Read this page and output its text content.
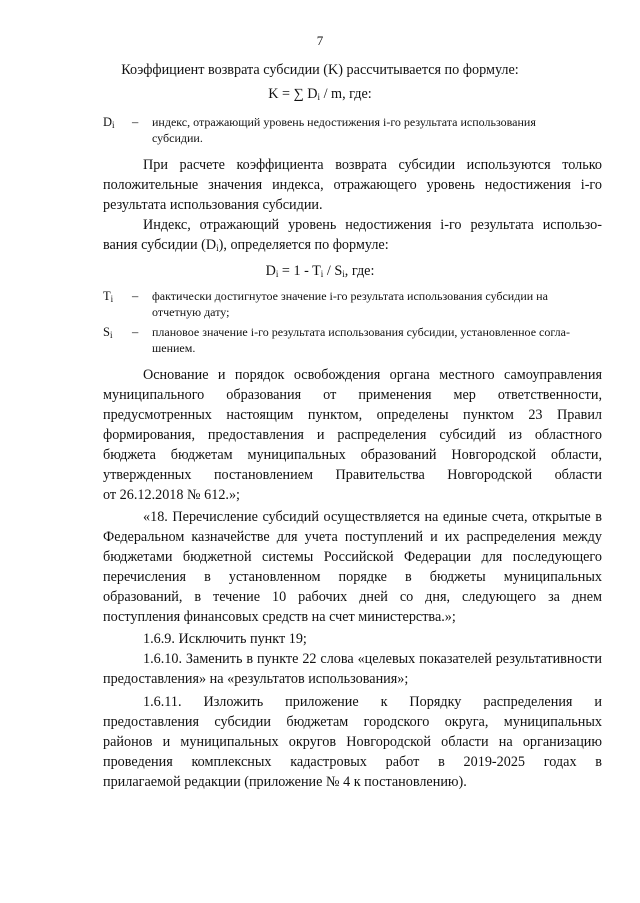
7
Коэффициент возврата субсидии (K) рассчитывается по формуле:
K = ∑ $D_i$ / m, где:
$D_i$ – индекс, отражающий уровень недостижения i-го результата использования
субсидии.
При расчете коэффициента возврата субсидии используются только
положительные значения индекса, отражающего уровень недостижения i-го
результата использования субсидии.
Индекс, отражающий уровень недостижения i-го результата использо-
вания субсидии $(D_i)$, определяется по формуле:
$D_i = 1 - T_i / S_i$, где:
$T_i$ – фактически достигнутое значение i-го результата использования субсидии на
отчетную дату;
$S_i$ – плановое значение i-го результата использования субсидии, установленное согла-
шением.
Основание и порядок освобождения органа местного самоуправления
муниципального образования от применения мер ответственности,
предусмотренных настоящим пунктом, определены пунктом 23 Правил
формирования, предоставления и распределения субсидий из областного
бюджета бюджетам муниципальных образований Новгородской области,
утвержденных постановлением Правительства Новгородской области
от 26.12.2018 № 612.»;
«18. Перечисление субсидий осуществляется на единые счета, открытые в
Федеральном казначействе для учета поступлений и их распределения между
бюджетами бюджетной системы Российской Федерации для последующего
перечисления в установленном порядке в бюджеты муниципальных
образований, в течение 10 рабочих дней со дня, следующего за днем
поступления финансовых средств на счет министерства.»;
1.6.9. Исключить пункт 19;
1.6.10. Заменить в пункте 22 слова «целевых показателей результативности
предоставления» на «результатов использования»;
1.6.11. Изложить приложение к Порядку распределения и
предоставления субсидии бюджетам городского округа, муниципальных
районов и муниципальных округов Новгородской области на организацию
проведения комплексных кадастровых работ в 2019-2025 годах в
прилагаемой редакции (приложение № 4 к постановлению).
